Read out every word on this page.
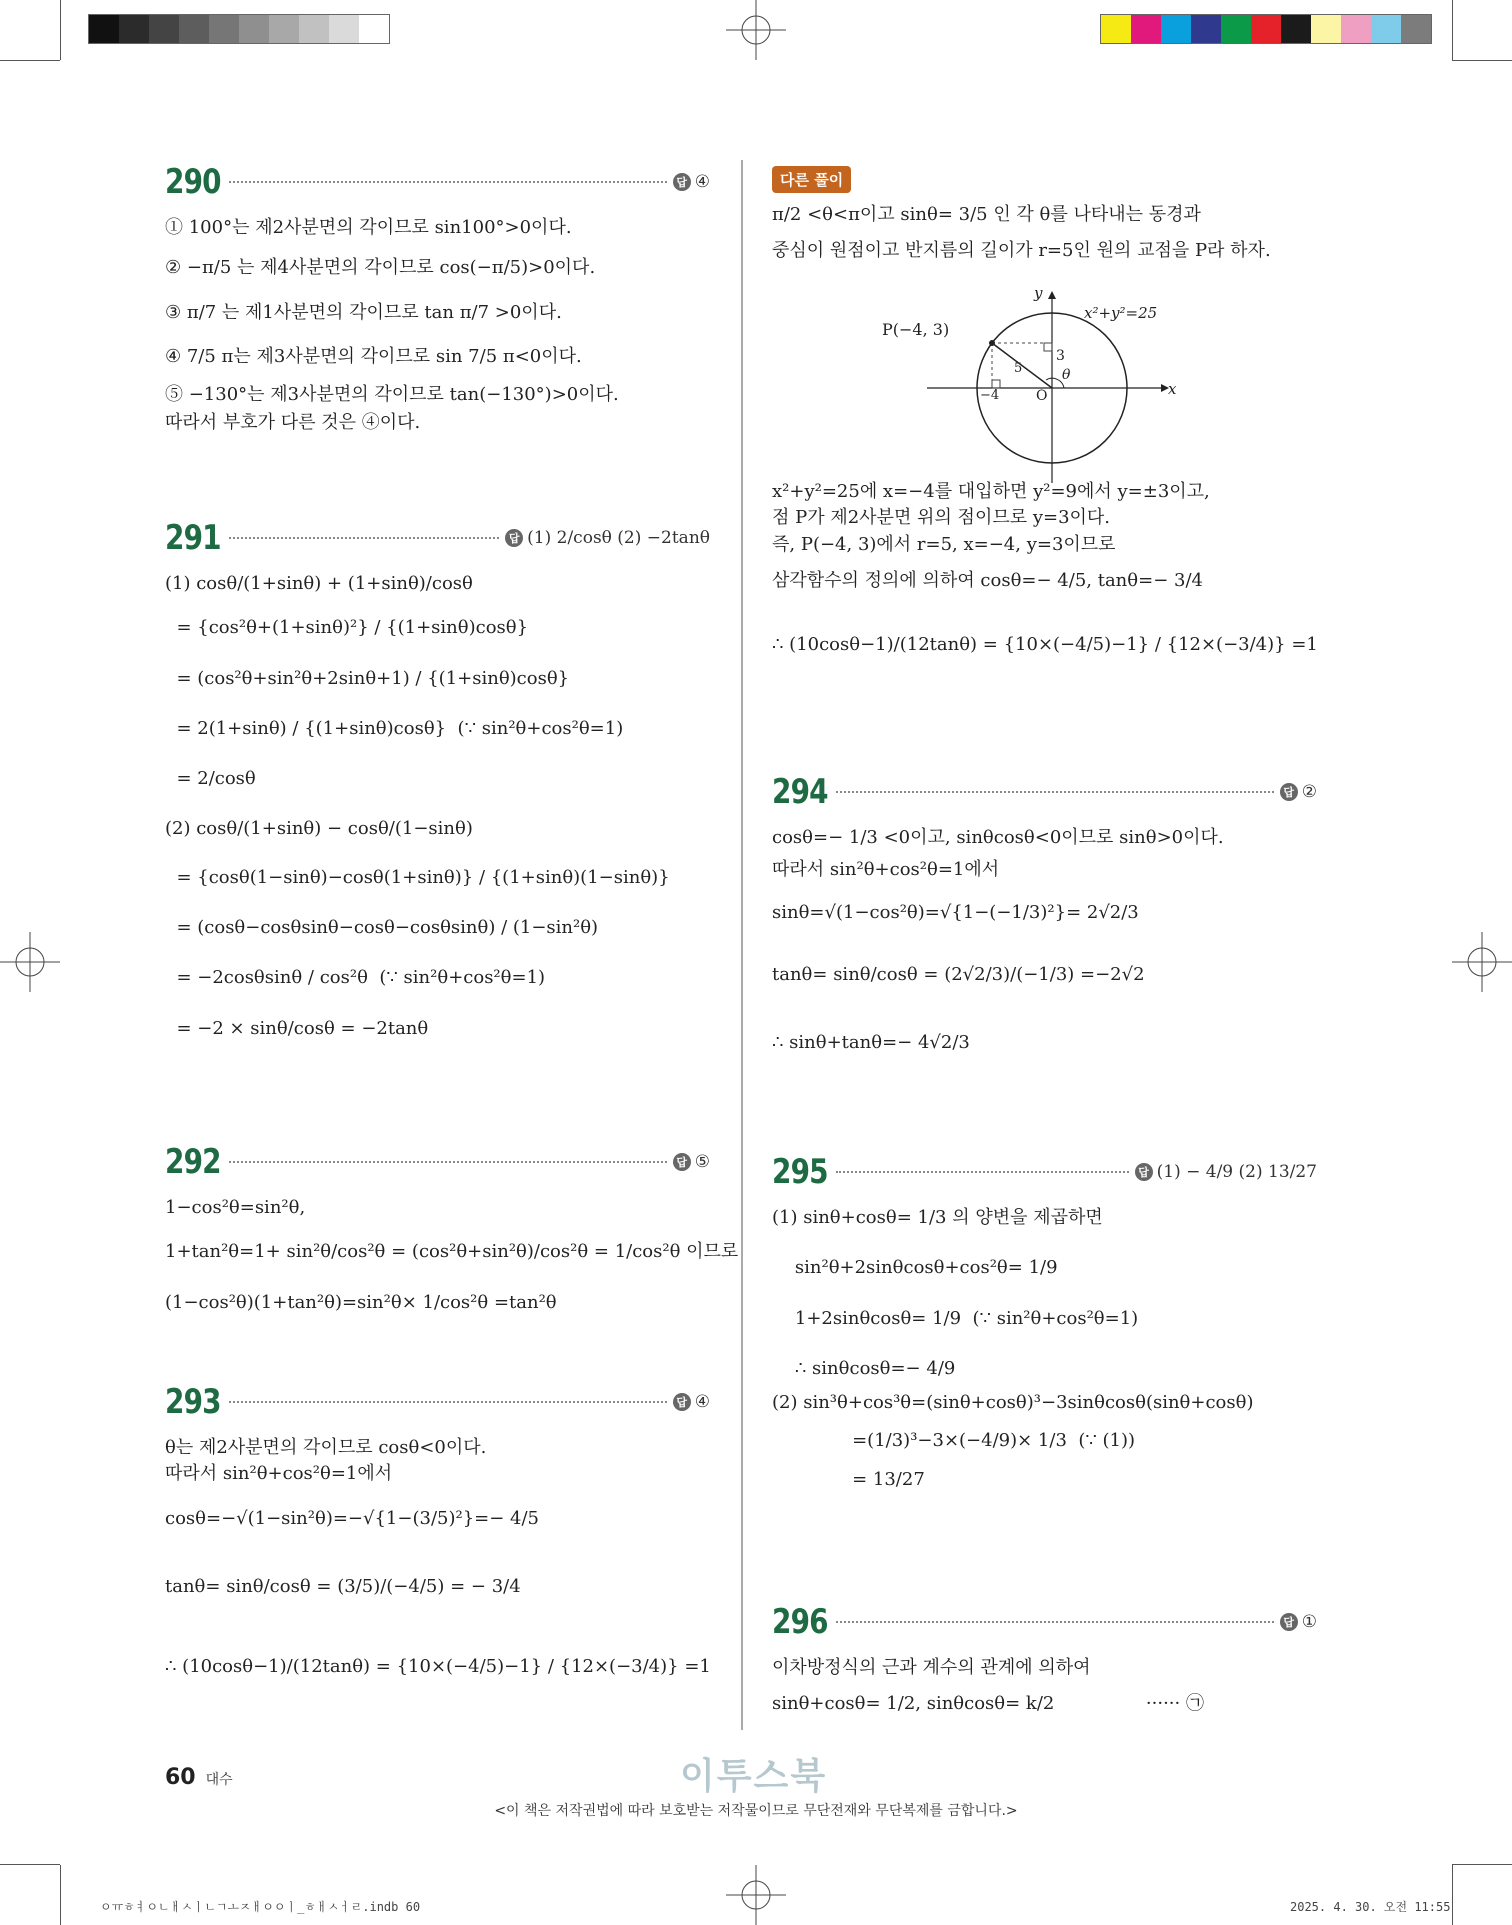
290	답 ④
① 100°는 제2사분면의 각이므로 sin100°>0이다.
② −π/5 는 제4사분면의 각이므로 cos(−π/5)>0이다.
③ π/7 는 제1사분면의 각이므로 tan π/7 >0이다.
④ 7/5 π는 제3사분면의 각이므로 sin 7/5 π<0이다.
⑤ −130°는 제3사분면의 각이므로 tan(−130°)>0이다.
따라서 부호가 다른 것은 ④이다.
291	답 (1) 2/cosθ (2) −2tanθ
(1) cosθ/(1+sinθ) + (1+sinθ)/cosθ
= {cos²θ+(1+sinθ)²} / {(1+sinθ)cosθ}
= (cos²θ+sin²θ+2sinθ+1) / {(1+sinθ)cosθ}
= 2(1+sinθ) / {(1+sinθ)cosθ}  (∵ sin²θ+cos²θ=1)
= 2/cosθ
(2) cosθ/(1+sinθ) − cosθ/(1−sinθ)
= {cosθ(1−sinθ)−cosθ(1+sinθ)} / {(1+sinθ)(1−sinθ)}
= (cosθ−cosθsinθ−cosθ−cosθsinθ) / (1−sin²θ)
= −2cosθsinθ / cos²θ  (∵ sin²θ+cos²θ=1)
= −2 × sinθ/cosθ = −2tanθ
292	답 ⑤
1−cos²θ=sin²θ,
1+tan²θ=1+ sin²θ/cos²θ = (cos²θ+sin²θ)/cos²θ = 1/cos²θ 이므로
(1−cos²θ)(1+tan²θ)=sin²θ× 1/cos²θ =tan²θ
293	답 ④
θ는 제2사분면의 각이므로 cosθ<0이다.
따라서 sin²θ+cos²θ=1에서
cosθ=−√(1−sin²θ)=−√{1−(3/5)²}=− 4/5
tanθ= sinθ/cosθ = (3/5)/(−4/5) = − 3/4
∴ (10cosθ−1)/(12tanθ) = {10×(−4/5)−1} / {12×(−3/4)} =1
다른 풀이
π/2 <θ<π이고 sinθ= 3/5 인 각 θ를 나타내는 동경과
중심이 원점이고 반지름의 길이가 r=5인 원의 교점을 P라 하자.
P(−4, 3)
x²+y²=25
y
x
O
3
5
−4
θ
x²+y²=25에 x=−4를 대입하면 y²=9에서 y=±3이고,
점 P가 제2사분면 위의 점이므로 y=3이다.
즉, P(−4, 3)에서 r=5, x=−4, y=3이므로
삼각함수의 정의에 의하여 cosθ=− 4/5, tanθ=− 3/4
∴ (10cosθ−1)/(12tanθ) = {10×(−4/5)−1} / {12×(−3/4)} =1
294	답 ②
cosθ=− 1/3 <0이고, sinθcosθ<0이므로 sinθ>0이다.
따라서 sin²θ+cos²θ=1에서
sinθ=√(1−cos²θ)=√{1−(−1/3)²}= 2√2/3
tanθ= sinθ/cosθ = (2√2/3)/(−1/3) =−2√2
∴ sinθ+tanθ=− 4√2/3
295	답 (1) − 4/9 (2) 13/27
(1) sinθ+cosθ= 1/3 의 양변을 제곱하면
sin²θ+2sinθcosθ+cos²θ= 1/9
1+2sinθcosθ= 1/9  (∵ sin²θ+cos²θ=1)
∴ sinθcosθ=− 4/9
(2) sin³θ+cos³θ=(sinθ+cosθ)³−3sinθcosθ(sinθ+cosθ)
=(1/3)³−3×(−4/9)× 1/3  (∵ (1))
= 13/27
296	답 ①
이차방정식의 근과 계수의 관계에 의하여
sinθ+cosθ= 1/2, sinθcosθ= k/2                ······ ㉠
60 대수	이투스북
<이 책은 저작권법에 따라 보호받는 저작물이므로 무단전재와 무단복제를 금합니다.>
ㅇㅠㅎㅕㅇㄴㅐㅅㅣㄴㄱㅗㅈㅐㅇㅇㅣ_ㅎㅐㅅㅓㄹ.indb 60	2025. 4. 30. 오전 11:55
